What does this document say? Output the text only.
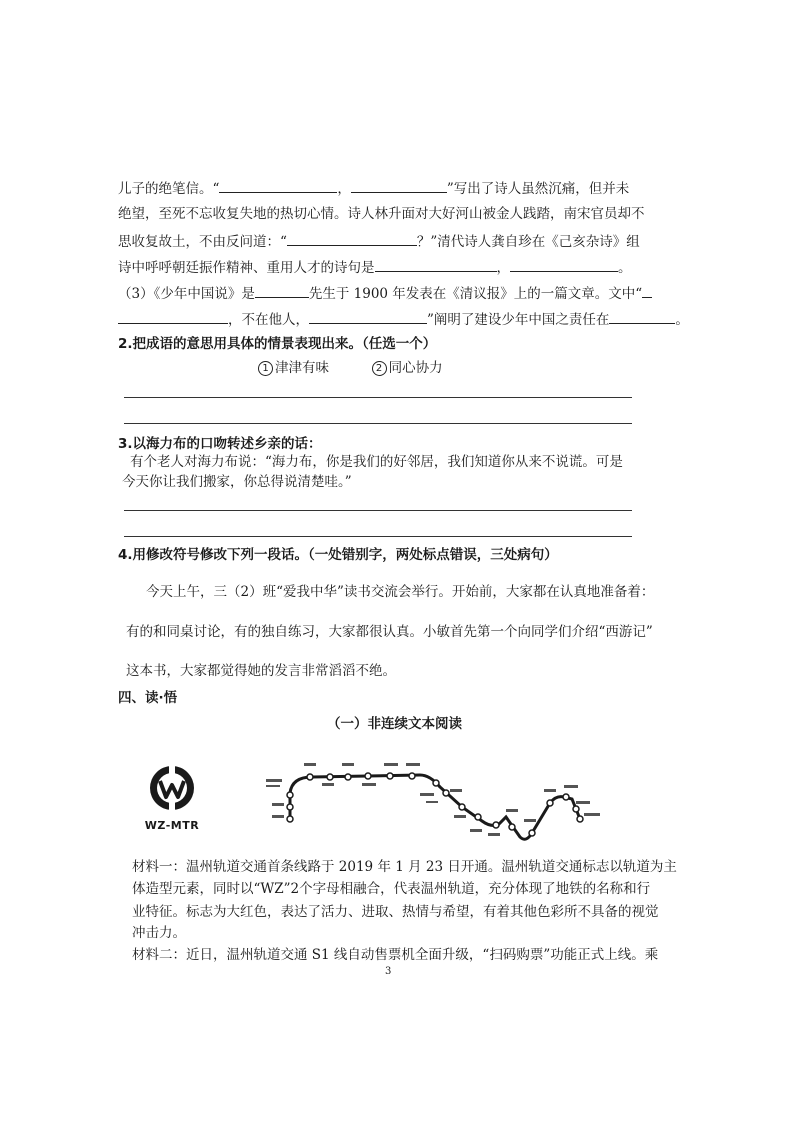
儿子的绝笔信。“	，	”写出了诗人虽然沉痛，但并未
绝望，至死不忘收复失地的热切心情。诗人林升面对大好河山被金人践踏，南宋官员却不
思收复故土，不由反问道：“	？”清代诗人龚自珍在《己亥杂诗》组
诗中呼呼朝廷振作精神、重用人才的诗句是	，	。
（3）《少年中国说》是	先生于 1900 年发表在《清议报》上的一篇文章。文中“
，不在他人，	”阐明了建设少年中国之责任在	。
2.把成语的意思用具体的情景表现出来。（任选一个）
1 津津有味	2 同心协力
3.以海力布的口吻转述乡亲的话：
有个老人对海力布说：“海力布，你是我们的好邻居，我们知道你从来不说谎。可是
今天你让我们搬家，你总得说清楚哇。”
4.用修改符号修改下列一段话。（一处错别字，两处标点错误，三处病句）
今天上午，三（2）班“爱我中华”读书交流会举行。开始前，大家都在认真地准备着：
有的和同桌讨论，有的独自练习，大家都很认真。小敏首先第一个向同学们介绍“西游记”
这本书，大家都觉得她的发言非常滔滔不绝。
四、读·悟
（一）非连续文本阅读
WZ-MTR
材料一：温州轨道交通首条线路于 2019 年 1 月 23 日开通。温州轨道交通标志以轨道为主
体造型元素，同时以“WZ”2个字母相融合，代表温州轨道，充分体现了地铁的名称和行
业特征。标志为大红色，表达了活力、进取、热情与希望，有着其他色彩所不具备的视觉
冲击力。
材料二：近日，温州轨道交通 S1 线自动售票机全面升级，“扫码购票”功能正式上线。乘
3
